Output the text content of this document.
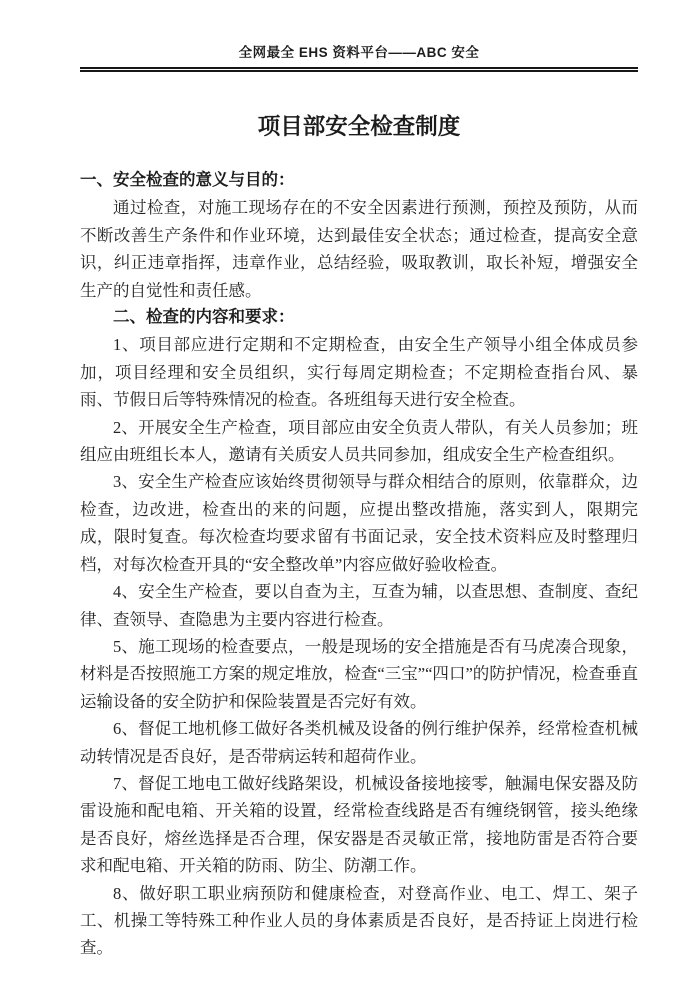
全网最全 EHS 资料平台——ABC 安全
项目部安全检查制度
一、安全检查的意义与目的：

通过检查，对施工现场存在的不安全因素进行预测，预控及预防，从而不断改善生产条件和作业环境，达到最佳安全状态；通过检查，提高安全意识，纠正违章指挥，违章作业，总结经验，吸取教训，取长补短，增强安全生产的自觉性和责任感。

二、检查的内容和要求：

1、项目部应进行定期和不定期检查，由安全生产领导小组全体成员参加，项目经理和安全员组织，实行每周定期检查；不定期检查指台风、暴雨、节假日后等特殊情况的检查。各班组每天进行安全检查。

2、开展安全生产检查，项目部应由安全负责人带队，有关人员参加；班组应由班组长本人，邀请有关质安人员共同参加，组成安全生产检查组织。

3、安全生产检查应该始终贯彻领导与群众相结合的原则，依靠群众，边检查，边改进，检查出的来的问题，应提出整改措施，落实到人，限期完成，限时复查。每次检查均要求留有书面记录，安全技术资料应及时整理归档，对每次检查开具的“安全整改单”内容应做好验收检查。

4、安全生产检查，要以自查为主，互查为辅，以查思想、查制度、查纪律、查领导、查隐患为主要内容进行检查。

5、施工现场的检查要点，一般是现场的安全措施是否有马虎凑合现象，材料是否按照施工方案的规定堆放，检查“三宝”“四口”的防护情况，检查垂直运输设备的安全防护和保险装置是否完好有效。

6、督促工地机修工做好各类机械及设备的例行维护保养，经常检查机械动转情况是否良好，是否带病运转和超荷作业。

7、督促工地电工做好线路架设，机械设备接地接零，触漏电保安器及防雷设施和配电箱、开关箱的设置，经常检查线路是否有缠绕钢管，接头绝缘是否良好，熔丝选择是否合理，保安器是否灵敏正常，接地防雷是否符合要求和配电箱、开关箱的防雨、防尘、防潮工作。

8、做好职工职业病预防和健康检查，对登高作业、电工、焊工、架子工、机操工等特殊工种作业人员的身体素质是否良好，是否持证上岗进行检查。
